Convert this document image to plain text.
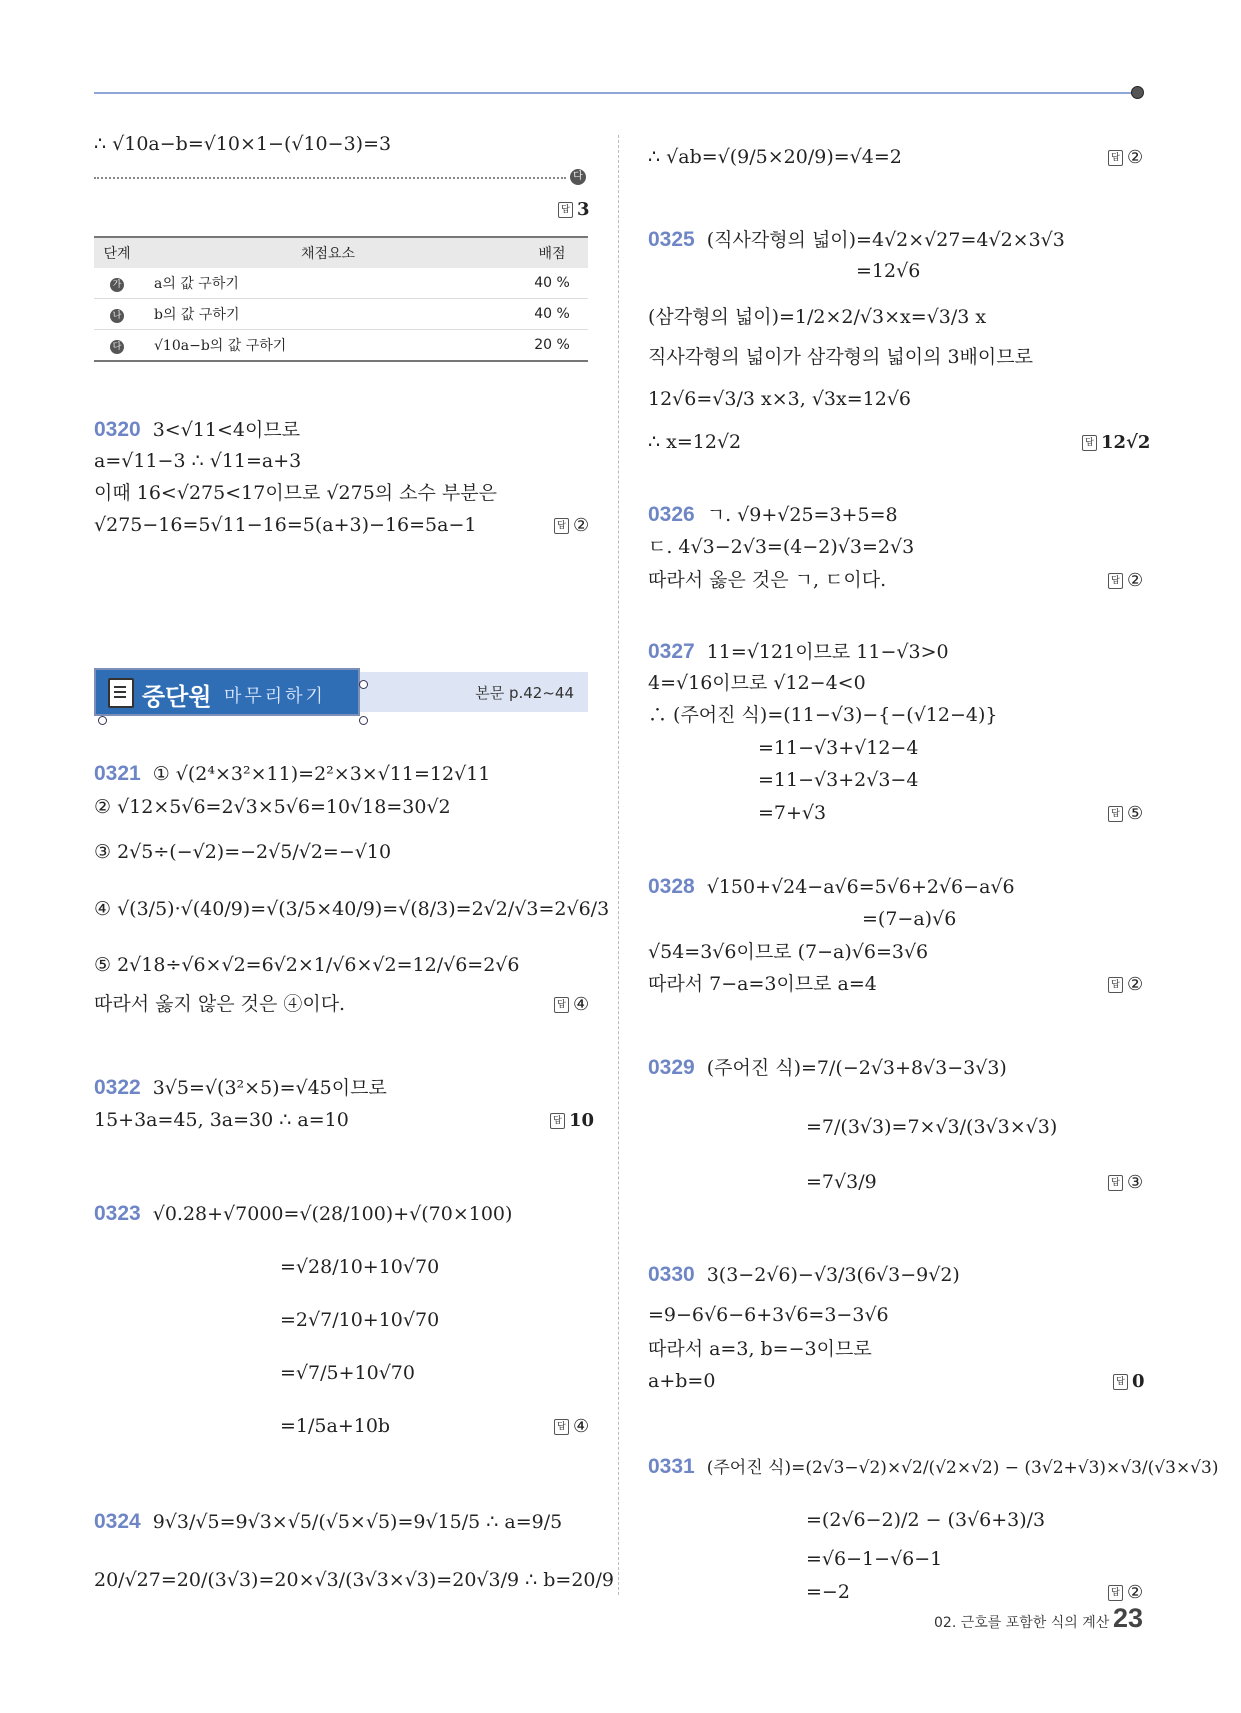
∴ √10a−b=√10×1−(√10−3)=3
다
답 3
단계	채점요소	배점
가	a의 값 구하기	40 %
나	b의 값 구하기	40 %
다	√10a−b의 값 구하기	20 %
0320 3<√11<4이므로
a=√11−3 ∴ √11=a+3
이때 16<√275<17이므로 √275의 소수 부분은
√275−16=5√11−16=5(a+3)−16=5a−1	답 ②
중단원 마무리하기	본문 p.42~44
0321 ① √(2⁴×3²×11)=2²×3×√11=12√11
② √12×5√6=2√3×5√6=10√18=30√2
③ 2√5÷(−√2)=−2√5/√2=−√10
④ √(3/5)·√(40/9)=√(3/5×40/9)=√(8/3)=2√2/√3=2√6/3
⑤ 2√18÷√6×√2=6√2×1/√6×√2=12/√6=2√6
따라서 옳지 않은 것은 ④이다.	답 ④
0322 3√5=√(3²×5)=√45이므로
15+3a=45, 3a=30 ∴ a=10	답 10
0323 √0.28+√7000=√(28/100)+√(70×100)
=√28/10+10√70
=2√7/10+10√70
=√7/5+10√70
=1/5a+10b	답 ④
0324 9√3/√5=9√3×√5/(√5×√5)=9√15/5 ∴ a=9/5
20/√27=20/(3√3)=20×√3/(3√3×√3)=20√3/9 ∴ b=20/9
∴ √ab=√(9/5×20/9)=√4=2	답 ②
0325 (직사각형의 넓이)=4√2×√27=4√2×3√3
=12√6
(삼각형의 넓이)=1/2×2/√3×x=√3/3 x
직사각형의 넓이가 삼각형의 넓이의 3배이므로
12√6=√3/3 x×3, √3x=12√6
∴ x=12√2	답 12√2
0326 ㄱ. √9+√25=3+5=8
ㄷ. 4√3−2√3=(4−2)√3=2√3
따라서 옳은 것은 ㄱ, ㄷ이다.	답 ②
0327 11=√121이므로 11−√3>0
4=√16이므로 √12−4<0
∴ (주어진 식)=(11−√3)−{−(√12−4)}
=11−√3+√12−4
=11−√3+2√3−4
=7+√3	답 ⑤
0328 √150+√24−a√6=5√6+2√6−a√6
=(7−a)√6
√54=3√6이므로 (7−a)√6=3√6
따라서 7−a=3이므로 a=4	답 ②
0329 (주어진 식)=7/(−2√3+8√3−3√3)
=7/(3√3)=7×√3/(3√3×√3)
=7√3/9	답 ③
0330 3(3−2√6)−√3/3(6√3−9√2)
=9−6√6−6+3√6=3−3√6
따라서 a=3, b=−3이므로
a+b=0	답 0
0331 (주어진 식)=(2√3−√2)×√2/(√2×√2) − (3√2+√3)×√3/(√3×√3)
=(2√6−2)/2 − (3√6+3)/3
=√6−1−√6−1
=−2	답 ②
02. 근호를 포함한 식의 계산 23
